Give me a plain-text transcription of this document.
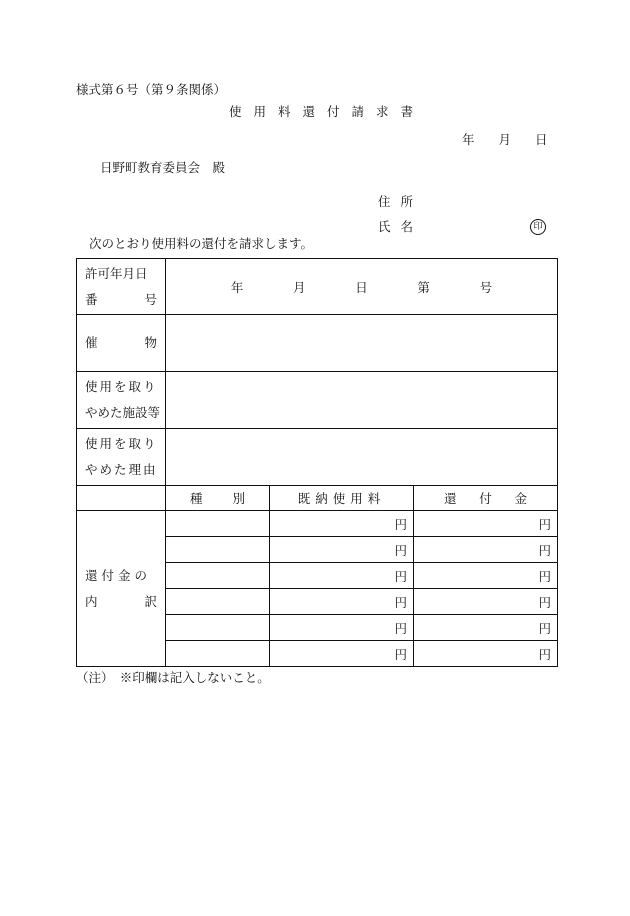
様式第６号（第９条関係）
使用料還付請求書
年 月 日
日野町教育委員会　殿
住所
氏名	印
次のとおり使用料の還付を請求します。
許可年月日
番 号	年 月 日 第 号		

催 物			

使用を取り
やめた施設等			

使用を取り
やめた理由			

	種 別	既納使用料	還 付 金

還付金の
内 訳		円	円
		円	円
		円	円
		円	円
		円	円
		円	円
（注）　※印欄は記入しないこと。
